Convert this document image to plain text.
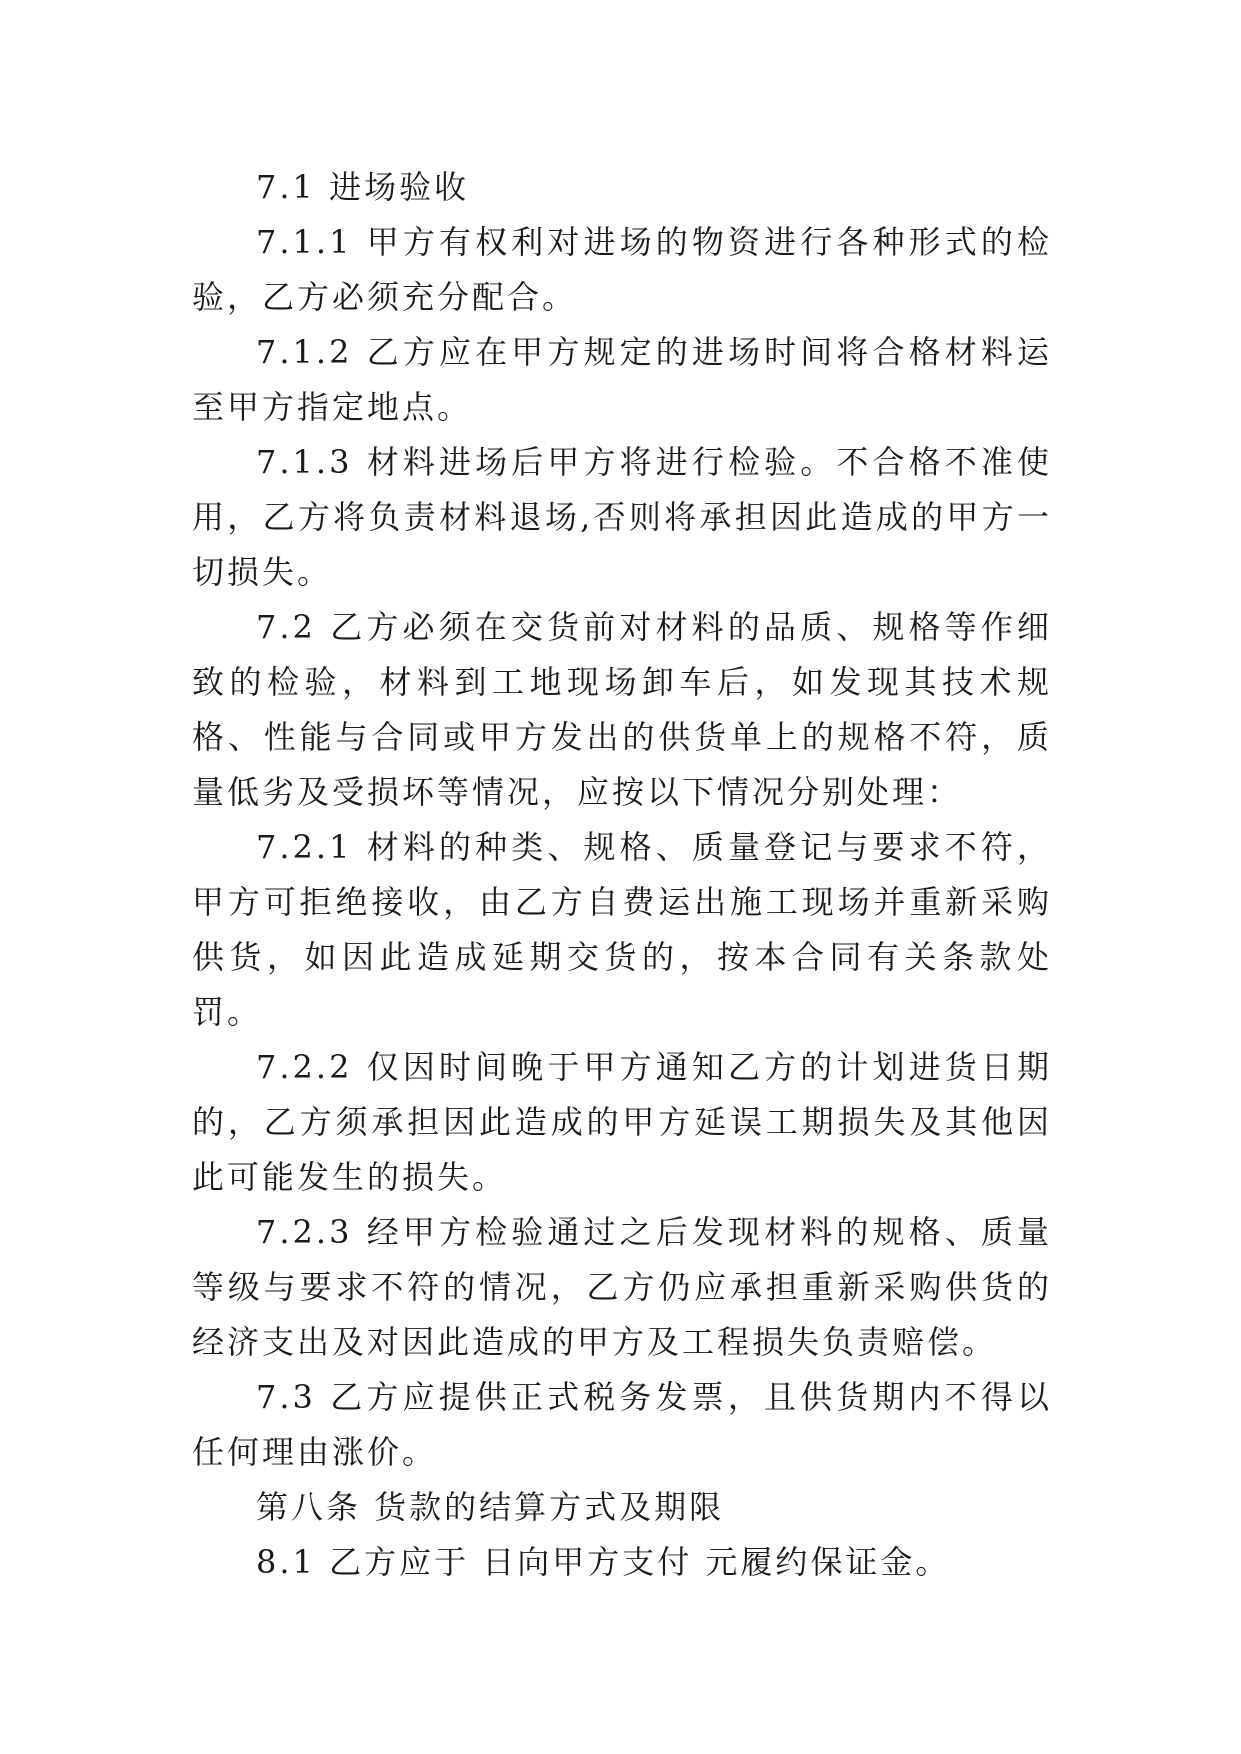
7.1 进场验收

7.1.1 甲方有权利对进场的物资进行各种形式的检验，乙方必须充分配合。

7.1.2 乙方应在甲方规定的进场时间将合格材料运至甲方指定地点。

7.1.3 材料进场后甲方将进行检验。不合格不准使用，乙方将负责材料退场,否则将承担因此造成的甲方一切损失。

7.2 乙方必须在交货前对材料的品质、规格等作细致的检验，材料到工地现场卸车后，如发现其技术规格、性能与合同或甲方发出的供货单上的规格不符，质量低劣及受损坏等情况，应按以下情况分别处理：

7.2.1 材料的种类、规格、质量登记与要求不符，甲方可拒绝接收，由乙方自费运出施工现场并重新采购供货，如因此造成延期交货的，按本合同有关条款处罚。

7.2.2 仅因时间晚于甲方通知乙方的计划进货日期的，乙方须承担因此造成的甲方延误工期损失及其他因此可能发生的损失。

7.2.3 经甲方检验通过之后发现材料的规格、质量等级与要求不符的情况，乙方仍应承担重新采购供货的经济支出及对因此造成的甲方及工程损失负责赔偿。

7.3 乙方应提供正式税务发票，且供货期内不得以任何理由涨价。

第八条 货款的结算方式及期限

8.1 乙方应于 日向甲方支付 元履约保证金。
